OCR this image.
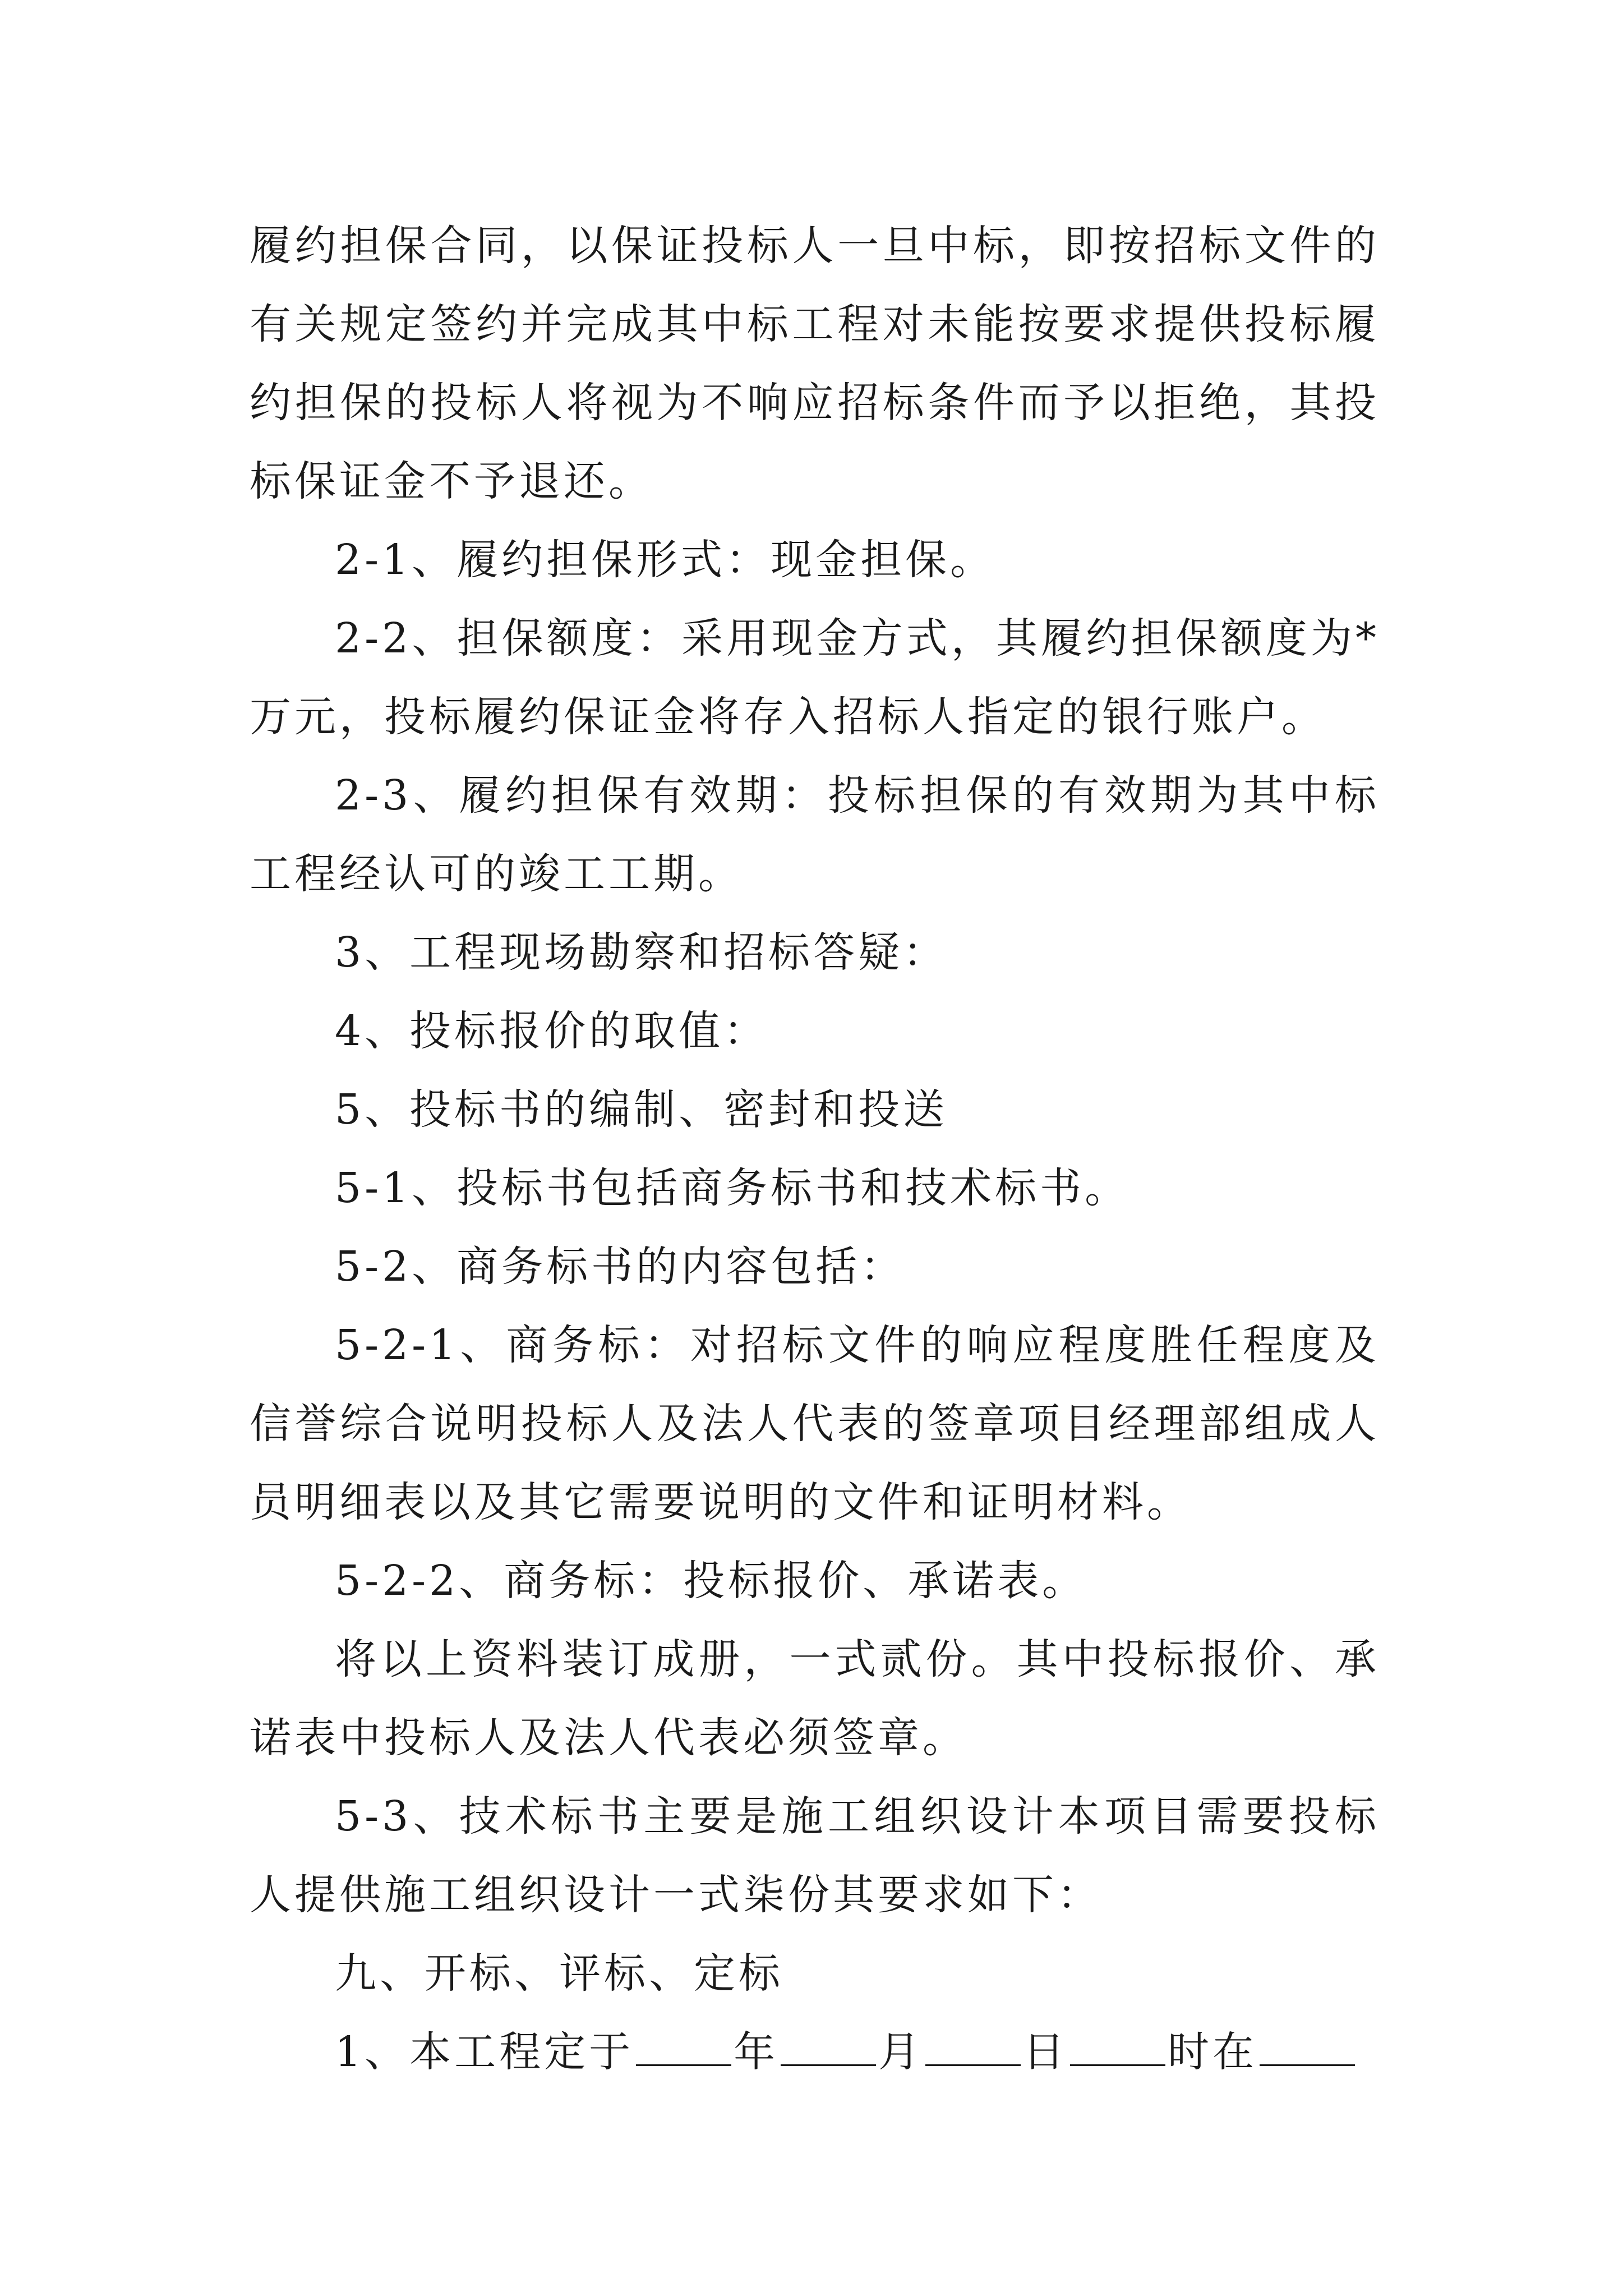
履约担保合同，以保证投标人一旦中标，即按招标文件的有关规定签约并完成其中标工程对未能按要求提供投标履约担保的投标人将视为不响应招标条件而予以拒绝，其投标保证金不予退还。

2-1、履约担保形式：现金担保。

2-2、担保额度：采用现金方式，其履约担保额度为*万元，投标履约保证金将存入招标人指定的银行账户。

2-3、履约担保有效期：投标担保的有效期为其中标工程经认可的竣工工期。

3、工程现场勘察和招标答疑：

4、投标报价的取值：

5、投标书的编制、密封和投送

5-1、投标书包括商务标书和技术标书。

5-2、商务标书的内容包括：

5-2-1、商务标：对招标文件的响应程度胜任程度及信誉综合说明投标人及法人代表的签章项目经理部组成人员明细表以及其它需要说明的文件和证明材料。

5-2-2、商务标：投标报价、承诺表。

将以上资料装订成册，一式贰份。其中投标报价、承诺表中投标人及法人代表必须签章。

5-3、技术标书主要是施工组织设计本项目需要投标人提供施工组织设计一式柒份其要求如下：

九、开标、评标、定标

1、本工程定于 年 月 日 时在
